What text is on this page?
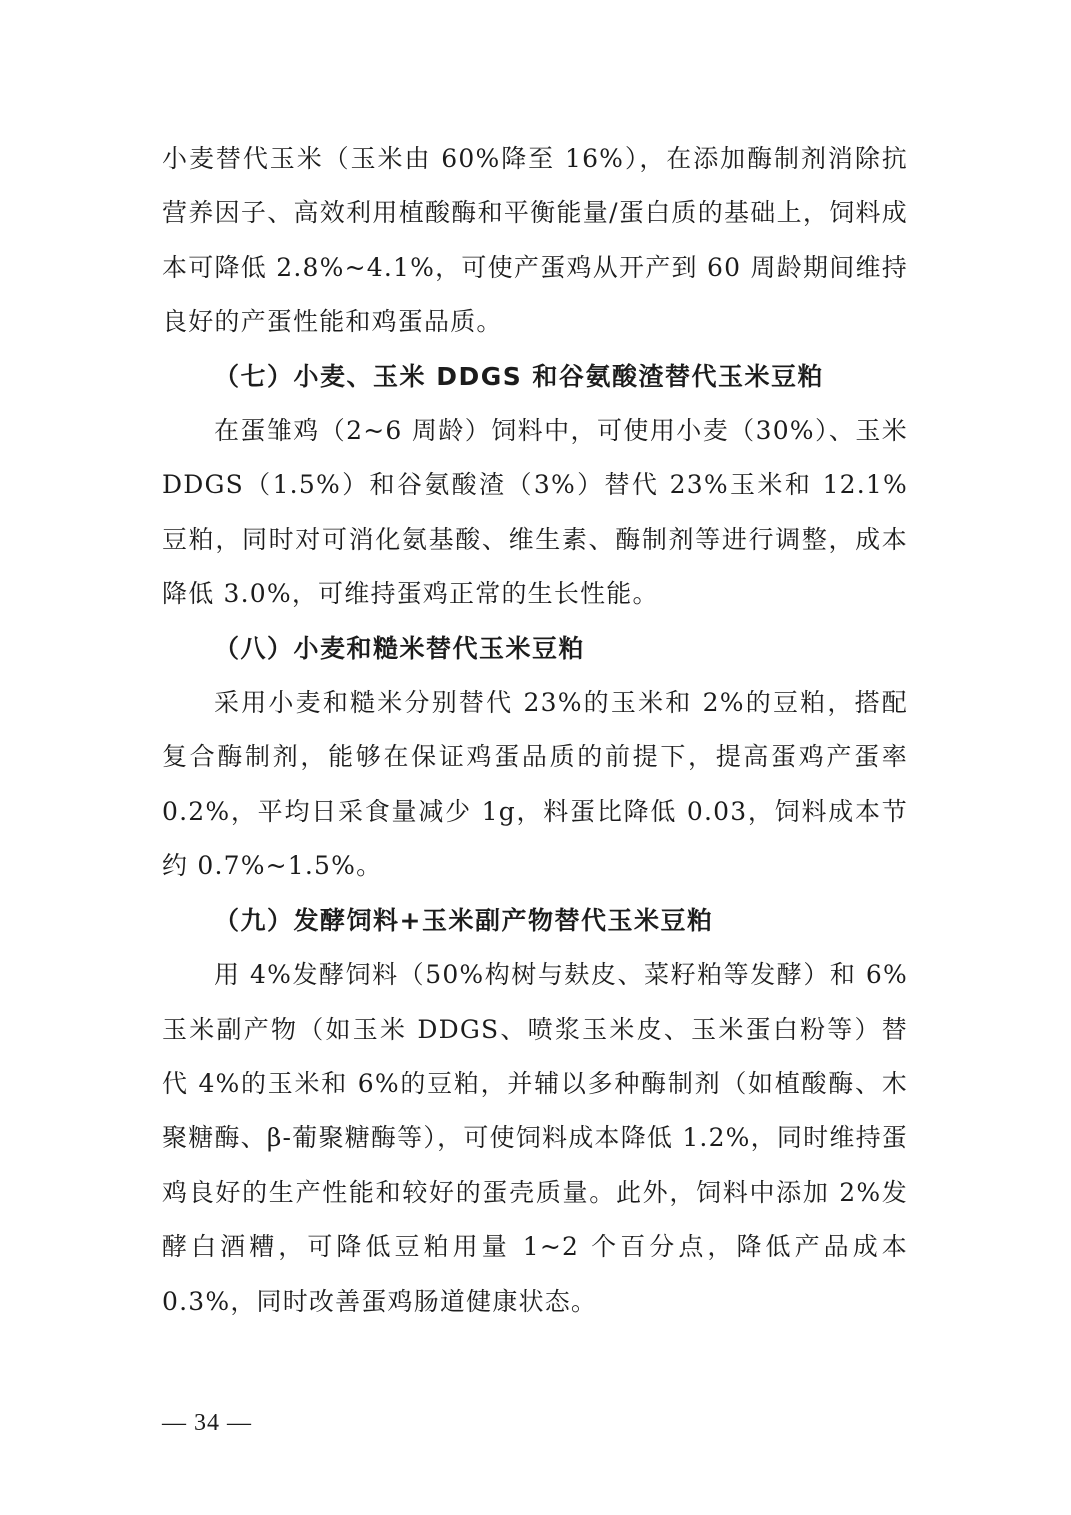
小麦替代玉米（玉米由 60%降至 16%），在添加酶制剂消除抗营养因子、高效利用植酸酶和平衡能量/蛋白质的基础上，饲料成本可降低 2.8%~4.1%，可使产蛋鸡从开产到 60 周龄期间维持良好的产蛋性能和鸡蛋品质。

（七）小麦、玉米 DDGS 和谷氨酸渣替代玉米豆粕

在蛋雏鸡（2~6 周龄）饲料中，可使用小麦（30%）、玉米 DDGS（1.5%）和谷氨酸渣（3%）替代 23%玉米和 12.1%豆粕，同时对可消化氨基酸、维生素、酶制剂等进行调整，成本降低 3.0%，可维持蛋鸡正常的生长性能。

（八）小麦和糙米替代玉米豆粕

采用小麦和糙米分别替代 23%的玉米和 2%的豆粕，搭配复合酶制剂，能够在保证鸡蛋品质的前提下，提高蛋鸡产蛋率 0.2%，平均日采食量减少 1g，料蛋比降低 0.03，饲料成本节约 0.7%~1.5%。

（九）发酵饲料+玉米副产物替代玉米豆粕

用 4%发酵饲料（50%构树与麸皮、菜籽粕等发酵）和 6%玉米副产物（如玉米 DDGS、喷浆玉米皮、玉米蛋白粉等）替代 4%的玉米和 6%的豆粕，并辅以多种酶制剂（如植酸酶、木聚糖酶、β-葡聚糖酶等），可使饲料成本降低 1.2%，同时维持蛋鸡良好的生产性能和较好的蛋壳质量。此外，饲料中添加 2%发酵白酒糟，可降低豆粕用量 1~2 个百分点，降低产品成本 0.3%，同时改善蛋鸡肠道健康状态。

— 34 —
